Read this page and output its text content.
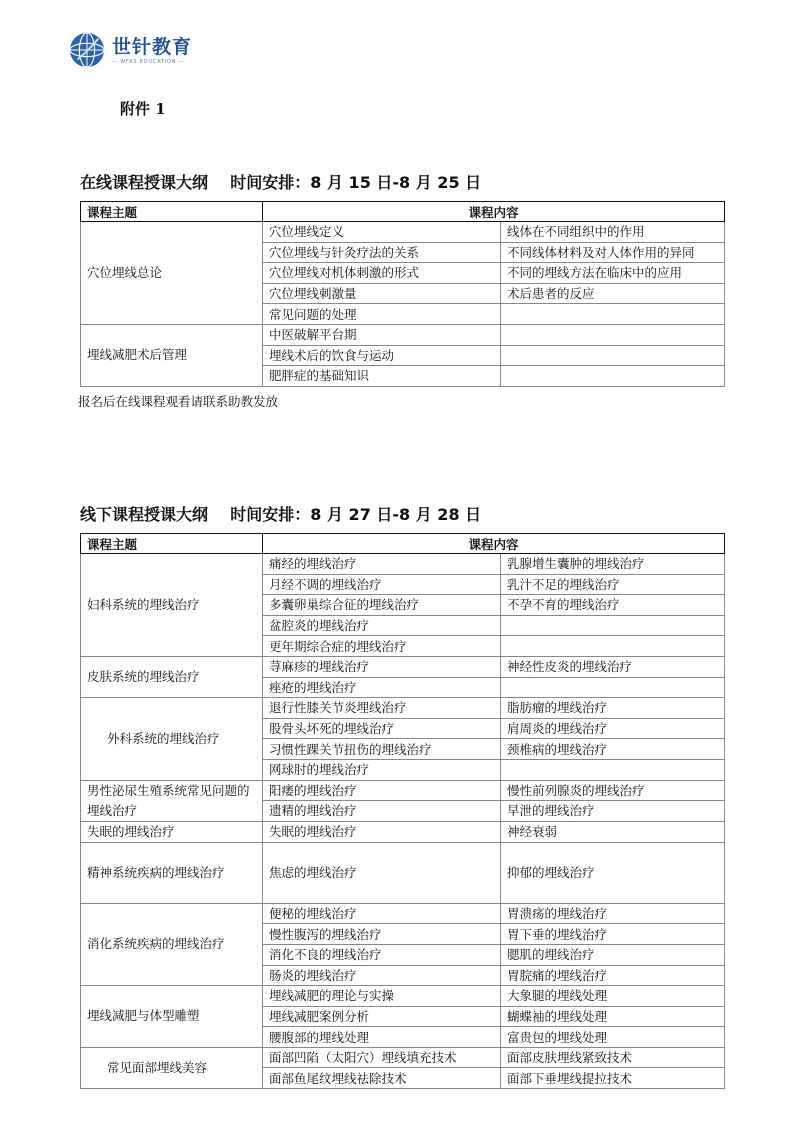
世针教育
— WFAS EDUCATION —
附件 1
在线课程授课大纲    时间安排：8 月 15 日-8 月 25 日
课程主题	课程内容	
穴位埋线总论	穴位埋线定义	线体在不同组织中的作用
	穴位埋线与针灸疗法的关系	不同线体材料及对人体作用的异同
	穴位埋线对机体刺激的形式	不同的埋线方法在临床中的应用
	穴位埋线刺激量	术后患者的反应
	常见问题的处理	
埋线减肥术后管理	中医破解平台期	
	埋线术后的饮食与运动	
	肥胖症的基础知识	
报名后在线课程观看请联系助教发放
线下课程授课大纲    时间安排：8 月 27 日-8 月 28 日
课程主题	课程内容	
妇科系统的埋线治疗	痛经的埋线治疗	乳腺增生囊肿的埋线治疗
	月经不调的埋线治疗	乳汁不足的埋线治疗
	多囊卵巢综合征的埋线治疗	不孕不育的埋线治疗
	盆腔炎的埋线治疗	
	更年期综合症的埋线治疗	
皮肤系统的埋线治疗	荨麻疹的埋线治疗	神经性皮炎的埋线治疗
	痤疮的埋线治疗	
外科系统的埋线治疗	退行性膝关节炎埋线治疗	脂肪瘤的埋线治疗
	股骨头坏死的埋线治疗	肩周炎的埋线治疗
	习惯性踝关节扭伤的埋线治疗	颈椎病的埋线治疗
	网球肘的埋线治疗	
男性泌尿生殖系统常见问题的埋线治疗	阳痿的埋线治疗	慢性前列腺炎的埋线治疗
	遗精的埋线治疗	早泄的埋线治疗
失眠的埋线治疗	失眠的埋线治疗	神经衰弱
精神系统疾病的埋线治疗	焦虑的埋线治疗	抑郁的埋线治疗
消化系统疾病的埋线治疗	便秘的埋线治疗	胃溃疡的埋线治疗
	慢性腹泻的埋线治疗	胃下垂的埋线治疗
	消化不良的埋线治疗	腮肌的埋线治疗
	肠炎的埋线治疗	胃脘痛的埋线治疗
埋线减肥与体型雕塑	埋线减肥的理论与实操	大象腿的埋线处理
	埋线减肥案例分析	蝴蝶袖的埋线处理
	腰腹部的埋线处理	富贵包的埋线处理
常见面部埋线美容	面部凹陷（太阳穴）埋线填充技术	面部皮肤埋线紧致技术
	面部鱼尾纹埋线祛除技术	面部下垂埋线提拉技术
